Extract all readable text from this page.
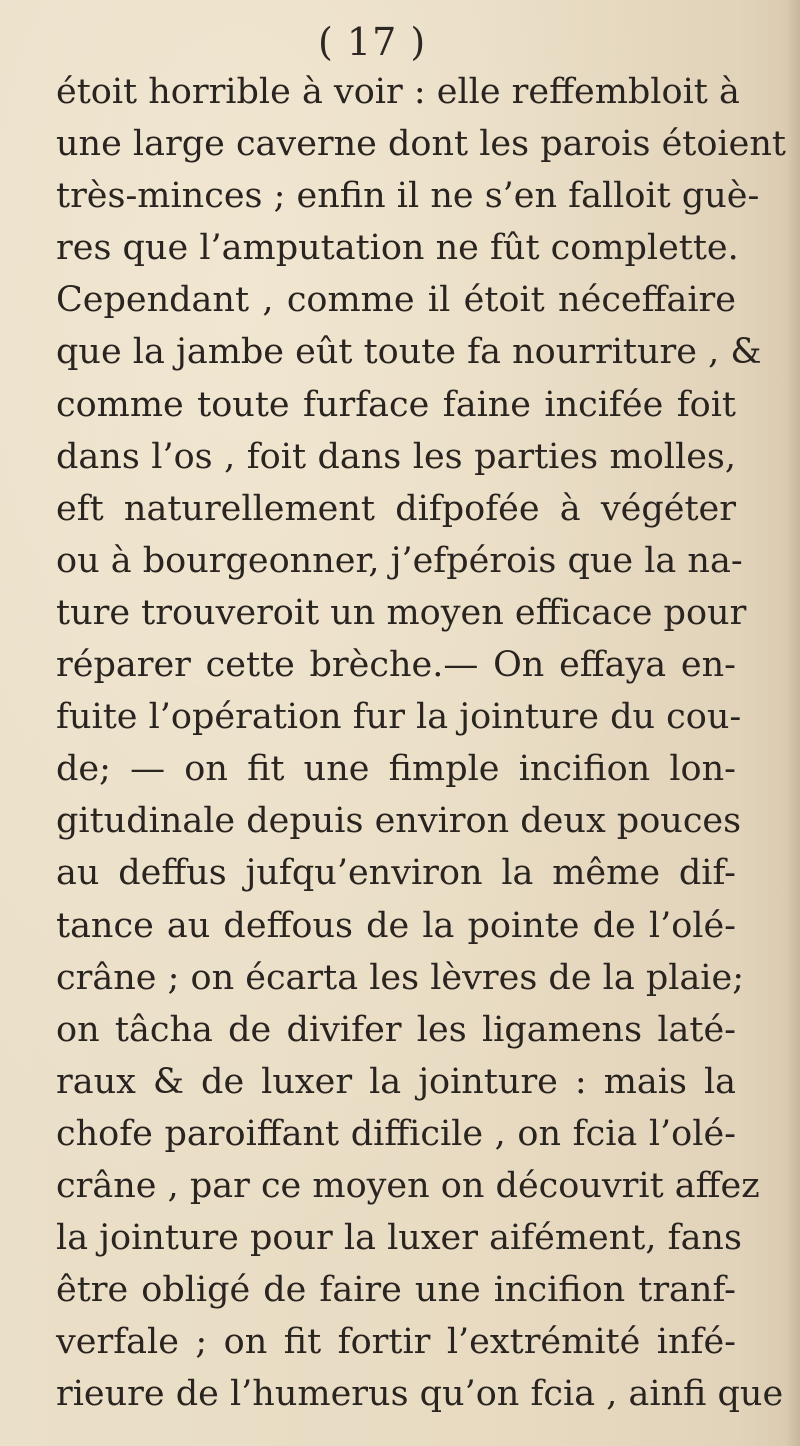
( 17 )
étoit horrible à voir : elle reffembloit à
une large caverne dont les parois étoient
très-minces ; enfin il ne s’en falloit guè-
res que l’amputation ne fût complette.
Cependant , comme il étoit néceffaire
que la jambe eût toute fa nourriture , &
comme toute furface faine incifée foit
dans l’os , foit dans les parties molles,
eft naturellement difpofée à végéter
ou à bourgeonner, j’efpérois que la na-
ture trouveroit un moyen efficace pour
réparer cette brèche.— On effaya en-
fuite l’opération fur la jointure du cou-
de; — on fit une fimple incifion lon-
gitudinale depuis environ deux pouces
au deffus jufqu’environ la même dif-
tance au deffous de la pointe de l’olé-
crâne ; on écarta les lèvres de la plaie;
on tâcha de divifer les ligamens laté-
raux & de luxer la jointure : mais la
chofe paroiffant difficile , on fcia l’olé-
crâne , par ce moyen on découvrit affez
la jointure pour la luxer aifément, fans
être obligé de faire une incifion tranf-
verfale ; on fit fortir l’extrémité infé-
rieure de l’humerus qu’on fcia , ainfi que
